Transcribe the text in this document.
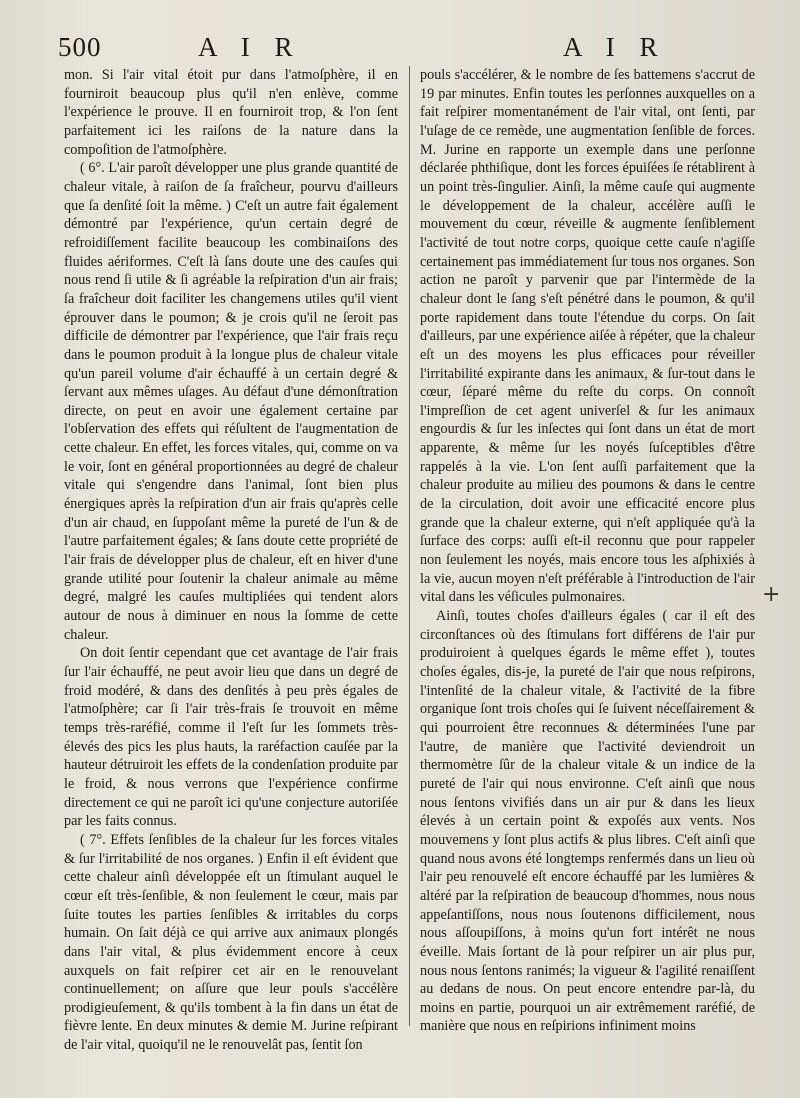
500	A I R	A I R

mon. Si l'air vital étoit pur dans l'atmoſphère, il en fourniroit beaucoup plus qu'il n'en enlève, comme l'expérience le prouve. Il en fourniroit trop, & l'on ſent parfaitement ici les raiſons de la nature dans la compoſition de l'atmoſphère.

( 6°. L'air paroît développer une plus grande quantité de chaleur vitale, à raiſon de ſa fraîcheur, pourvu d'ailleurs que ſa denſité ſoit la même. ) C'eſt un autre fait également démontré par l'expérience, qu'un certain degré de refroidiſſement facilite beaucoup les combinaiſons des fluides aériformes. C'eſt là ſans doute une des cauſes qui nous rend ſi utile & ſi agréable la reſpiration d'un air frais; ſa fraîcheur doit faciliter les changemens utiles qu'il vient éprouver dans le poumon; & je crois qu'il ne ſeroit pas difficile de démontrer par l'expérience, que l'air frais reçu dans le poumon produit à la longue plus de chaleur vitale qu'un pareil volume d'air échauffé à un certain degré & ſervant aux mêmes uſages. Au défaut d'une démonſtration directe, on peut en avoir une également certaine par l'obſervation des effets qui réſultent de l'augmentation de cette chaleur. En effet, les forces vitales, qui, comme on va le voir, ſont en général proportionnées au degré de chaleur vitale qui s'engendre dans l'animal, ſont bien plus énergiques après la reſpiration d'un air frais qu'après celle d'un air chaud, en ſuppoſant même la pureté de l'un & de l'autre parfaitement égales; & ſans doute cette propriété de l'air frais de développer plus de chaleur, eſt en hiver d'une grande utilité pour ſoutenir la chaleur animale au même degré, malgré les cauſes multipliées qui tendent alors autour de nous à diminuer en nous la ſomme de cette chaleur.

On doit ſentir cependant que cet avantage de l'air frais ſur l'air échauffé, ne peut avoir lieu que dans un degré de froid modéré, & dans des denſités à peu près égales de l'atmoſphère; car ſi l'air très-frais ſe trouvoit en même temps très-raréfié, comme il l'eſt ſur les ſommets très-élevés des pics les plus hauts, la raréfaction cauſée par la hauteur détruiroit les effets de la condenſation produite par le froid, & nous verrons que l'expérience confirme directement ce qui ne paroît ici qu'une conjecture autoriſée par les faits connus.

( 7°. Effets ſenſibles de la chaleur ſur les forces vitales & ſur l'irritabilité de nos organes. ) Enfin il eſt évident que cette chaleur ainſi développée eſt un ſtimulant auquel le cœur eſt très-ſenſible, & non ſeulement le cœur, mais par ſuite toutes les parties ſenſibles & irritables du corps humain. On ſait déjà ce qui arrive aux animaux plongés dans l'air vital, & plus évidemment encore à ceux auxquels on fait reſpirer cet air en le renouvelant continuellement; on aſſure que leur pouls s'accélère prodigieuſement, & qu'ils tombent à la fin dans un état de fièvre lente. En deux minutes & demie M. Jurine reſpirant de l'air vital, quoiqu'il ne le renouvelât pas, ſentit ſon

pouls s'accélérer, & le nombre de ſes battemens s'accrut de 19 par minutes. Enfin toutes les perſonnes auxquelles on a fait reſpirer momentanément de l'air vital, ont ſenti, par l'uſage de ce remède, une augmentation ſenſible de forces. M. Jurine en rapporte un exemple dans une perſonne déclarée phthiſique, dont les forces épuiſées ſe rétablirent à un point très-ſingulier. Ainſi, la même cauſe qui augmente le développement de la chaleur, accélère auſſi le mouvement du cœur, réveille & augmente ſenſiblement l'activité de tout notre corps, quoique cette cauſe n'agiſſe certainement pas immédiatement ſur tous nos organes. Son action ne paroît y parvenir que par l'intermède de la chaleur dont le ſang s'eſt pénétré dans le poumon, & qu'il porte rapidement dans toute l'étendue du corps. On ſait d'ailleurs, par une expérience aiſée à répéter, que la chaleur eſt un des moyens les plus efficaces pour réveiller l'irritabilité expirante dans les animaux, & ſur-tout dans le cœur, ſéparé même du reſte du corps. On connoît l'impreſſion de cet agent univerſel & ſur les animaux engourdis & ſur les inſectes qui ſont dans un état de mort apparente, & même ſur les noyés ſuſceptibles d'être rappelés à la vie. L'on ſent auſſi parfaitement que la chaleur produite au milieu des poumons & dans le centre de la circulation, doit avoir une efficacité encore plus grande que la chaleur externe, qui n'eſt appliquée qu'à la ſurface des corps: auſſi eſt-il reconnu que pour rappeler non ſeulement les noyés, mais encore tous les aſphixiés à la vie, aucun moyen n'eſt préférable à l'introduction de l'air vital dans les véſicules pulmonaires.

Ainſi, toutes choſes d'ailleurs égales ( car il eſt des circonſtances où des ſtimulans fort différens de l'air pur produiroient à quelques égards le même effet ), toutes choſes égales, dis-je, la pureté de l'air que nous reſpirons, l'intenſité de la chaleur vitale, & l'activité de la fibre organique ſont trois choſes qui ſe ſuivent néceſſairement & qui pourroient être reconnues & déterminées l'une par l'autre, de manière que l'activité deviendroit un thermomètre ſûr de la chaleur vitale & un indice de la pureté de l'air qui nous environne. C'eſt ainſi que nous nous ſentons vivifiés dans un air pur & dans les lieux élevés à un certain point & expoſés aux vents. Nos mouvemens y ſont plus actifs & plus libres. C'eſt ainſi que quand nous avons été longtemps renfermés dans un lieu où l'air peu renouvelé eſt encore échauffé par les lumières & altéré par la reſpiration de beaucoup d'hommes, nous nous appeſantiſſons, nous nous ſoutenons difficilement, nous nous aſſoupiſſons, à moins qu'un fort intérêt ne nous éveille. Mais ſortant de là pour reſpirer un air plus pur, nous nous ſentons ranimés; la vigueur & l'agilité renaiſſent au dedans de nous. On peut encore entendre par-là, du moins en partie, pourquoi un air extrêmement raréfié, de manière que nous en reſpirions infiniment moins

+
